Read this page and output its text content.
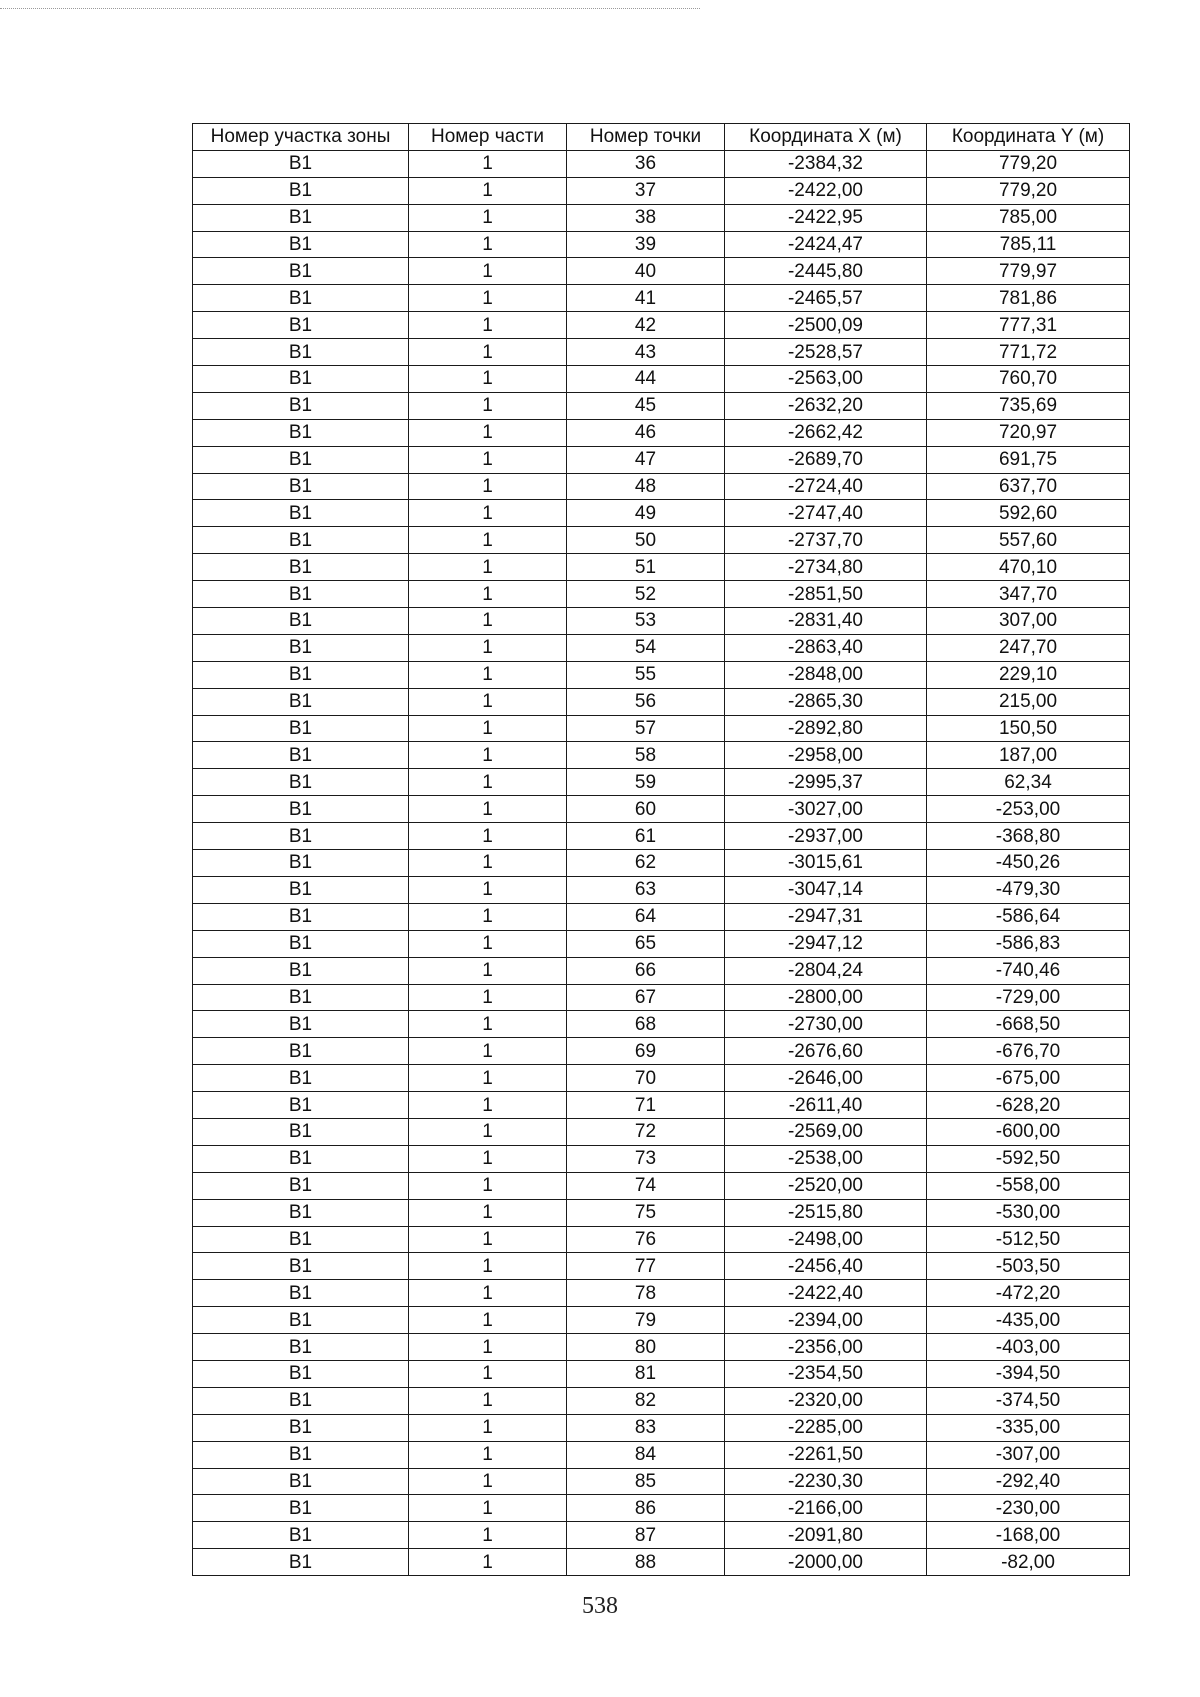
Номер участка зоны	Номер части	Номер точки	Координата X (м)	Координата Y (м)
В1	1	36	-2384,32	779,20
В1	1	37	-2422,00	779,20
В1	1	38	-2422,95	785,00
В1	1	39	-2424,47	785,11
В1	1	40	-2445,80	779,97
В1	1	41	-2465,57	781,86
В1	1	42	-2500,09	777,31
В1	1	43	-2528,57	771,72
В1	1	44	-2563,00	760,70
В1	1	45	-2632,20	735,69
В1	1	46	-2662,42	720,97
В1	1	47	-2689,70	691,75
В1	1	48	-2724,40	637,70
В1	1	49	-2747,40	592,60
В1	1	50	-2737,70	557,60
В1	1	51	-2734,80	470,10
В1	1	52	-2851,50	347,70
В1	1	53	-2831,40	307,00
В1	1	54	-2863,40	247,70
В1	1	55	-2848,00	229,10
В1	1	56	-2865,30	215,00
В1	1	57	-2892,80	150,50
В1	1	58	-2958,00	187,00
В1	1	59	-2995,37	62,34
В1	1	60	-3027,00	-253,00
В1	1	61	-2937,00	-368,80
В1	1	62	-3015,61	-450,26
В1	1	63	-3047,14	-479,30
В1	1	64	-2947,31	-586,64
В1	1	65	-2947,12	-586,83
В1	1	66	-2804,24	-740,46
В1	1	67	-2800,00	-729,00
В1	1	68	-2730,00	-668,50
В1	1	69	-2676,60	-676,70
В1	1	70	-2646,00	-675,00
В1	1	71	-2611,40	-628,20
В1	1	72	-2569,00	-600,00
В1	1	73	-2538,00	-592,50
В1	1	74	-2520,00	-558,00
В1	1	75	-2515,80	-530,00
В1	1	76	-2498,00	-512,50
В1	1	77	-2456,40	-503,50
В1	1	78	-2422,40	-472,20
В1	1	79	-2394,00	-435,00
В1	1	80	-2356,00	-403,00
В1	1	81	-2354,50	-394,50
В1	1	82	-2320,00	-374,50
В1	1	83	-2285,00	-335,00
В1	1	84	-2261,50	-307,00
В1	1	85	-2230,30	-292,40
В1	1	86	-2166,00	-230,00
В1	1	87	-2091,80	-168,00
В1	1	88	-2000,00	-82,00
538
